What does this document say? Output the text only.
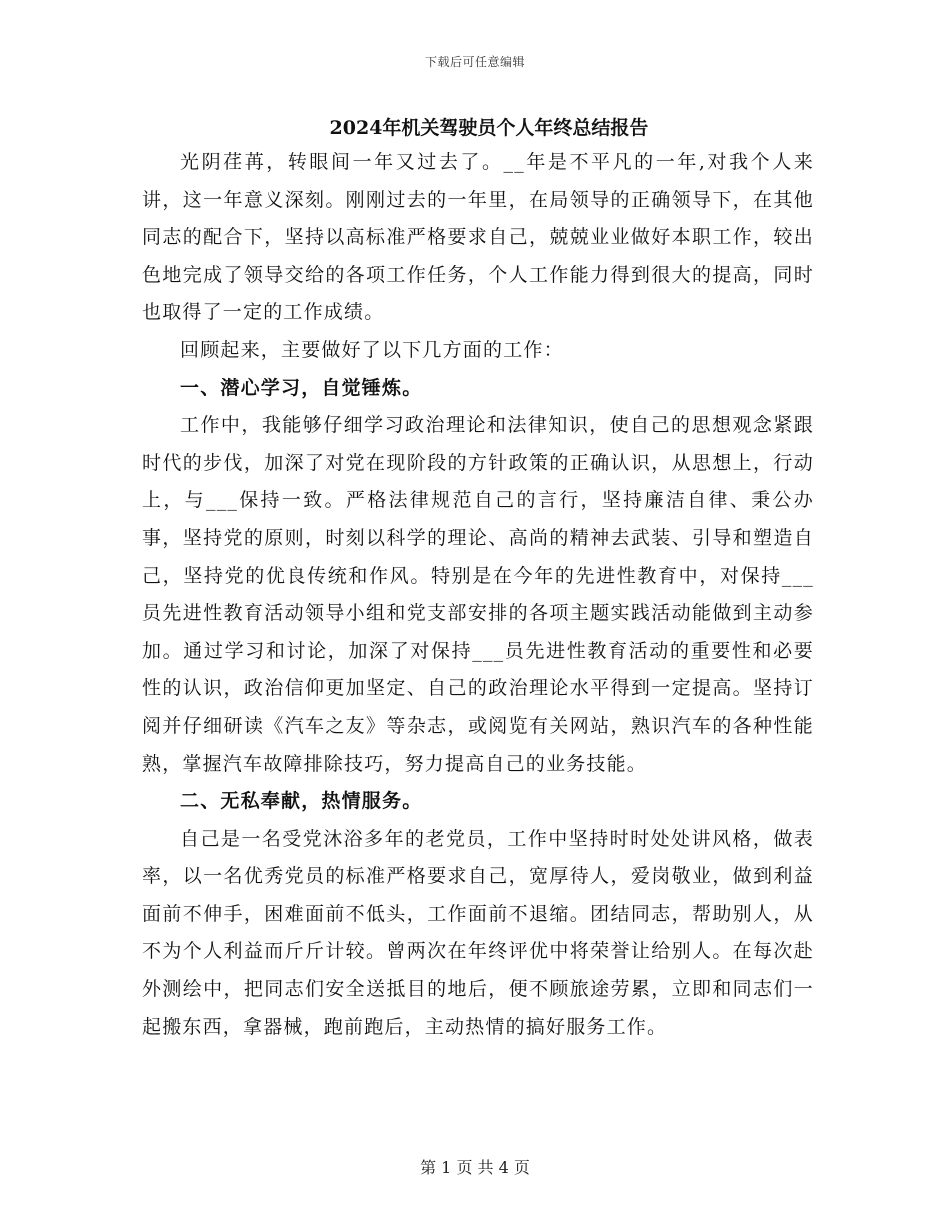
下载后可任意编辑
2024年机关驾驶员个人年终总结报告

光阴荏苒，转眼间一年又过去了。__年是不平凡的一年,对我个人来讲，这一年意义深刻。刚刚过去的一年里，在局领导的正确领导下，在其他同志的配合下，坚持以高标准严格要求自己，兢兢业业做好本职工作，较出色地完成了领导交给的各项工作任务，个人工作能力得到很大的提高，同时也取得了一定的工作成绩。

回顾起来，主要做好了以下几方面的工作：

一、潜心学习，自觉锤炼。

工作中，我能够仔细学习政治理论和法律知识，使自己的思想观念紧跟时代的步伐，加深了对党在现阶段的方针政策的正确认识，从思想上，行动上，与___保持一致。严格法律规范自己的言行，坚持廉洁自律、秉公办事，坚持党的原则，时刻以科学的理论、高尚的精神去武装、引导和塑造自己，坚持党的优良传统和作风。特别是在今年的先进性教育中，对保持___员先进性教育活动领导小组和党支部安排的各项主题实践活动能做到主动参加。通过学习和讨论，加深了对保持___员先进性教育活动的重要性和必要性的认识，政治信仰更加坚定、自己的政治理论水平得到一定提高。坚持订阅并仔细研读《汽车之友》等杂志，或阅览有关网站，熟识汽车的各种性能熟，掌握汽车故障排除技巧，努力提高自己的业务技能。

二、无私奉献，热情服务。

自己是一名受党沐浴多年的老党员，工作中坚持时时处处讲风格，做表率，以一名优秀党员的标准严格要求自己，宽厚待人，爱岗敬业，做到利益面前不伸手，困难面前不低头，工作面前不退缩。团结同志，帮助别人，从不为个人利益而斤斤计较。曾两次在年终评优中将荣誉让给别人。在每次赴外测绘中，把同志们安全送抵目的地后，便不顾旅途劳累，立即和同志们一起搬东西，拿器械，跑前跑后，主动热情的搞好服务工作。

第 1 页 共 4 页
